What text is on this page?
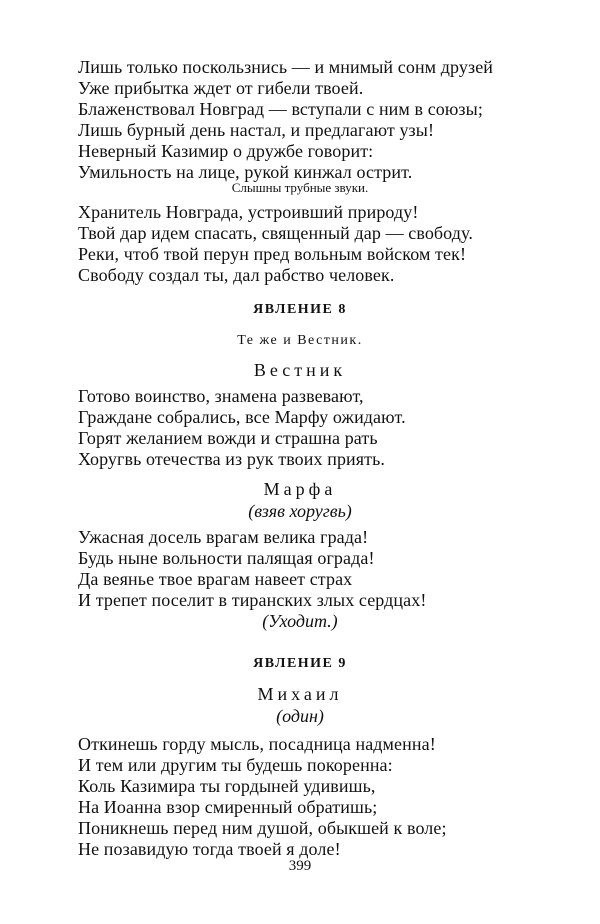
Лишь только поскользнись — и мнимый сонм друзей
Уже прибытка ждет от гибели твоей.
Блаженствовал Новград — вступали с ним в союзы;
Лишь бурный день настал, и предлагают узы!
Неверный Казимир о дружбе говорит:
Умильность на лице, рукой кинжал острит.
Слышны трубные звуки.
Хранитель Новграда, устроивший природу!
Твой дар идем спасать, священный дар — свободу.
Реки, чтоб твой перун пред вольным войском тек!
Свободу создал ты, дал рабство человек.
ЯВЛЕНИЕ 8
Те же и Вестник.
Вестник
Готово воинство, знамена развевают,
Граждане собрались, все Марфу ожидают.
Горят желанием вожди и страшна рать
Хоругвь отечества из рук твоих приять.
Марфа
(взяв хоругвь)
Ужасная досель врагам велика града!
Будь ныне вольности палящая ограда!
Да веянье твое врагам навеет страх
И трепет поселит в тиранских злых сердцах!
(Уходит.)
ЯВЛЕНИЕ 9
Михаил
(один)
Откинешь горду мысль, посадница надменна!
И тем или другим ты будешь покоренна:
Коль Казимира ты гордыней удивишь,
На Иоанна взор смиренный обратишь;
Поникнешь перед ним душой, обыкшей к воле;
Не позавидую тогда твоей я доле!
399
